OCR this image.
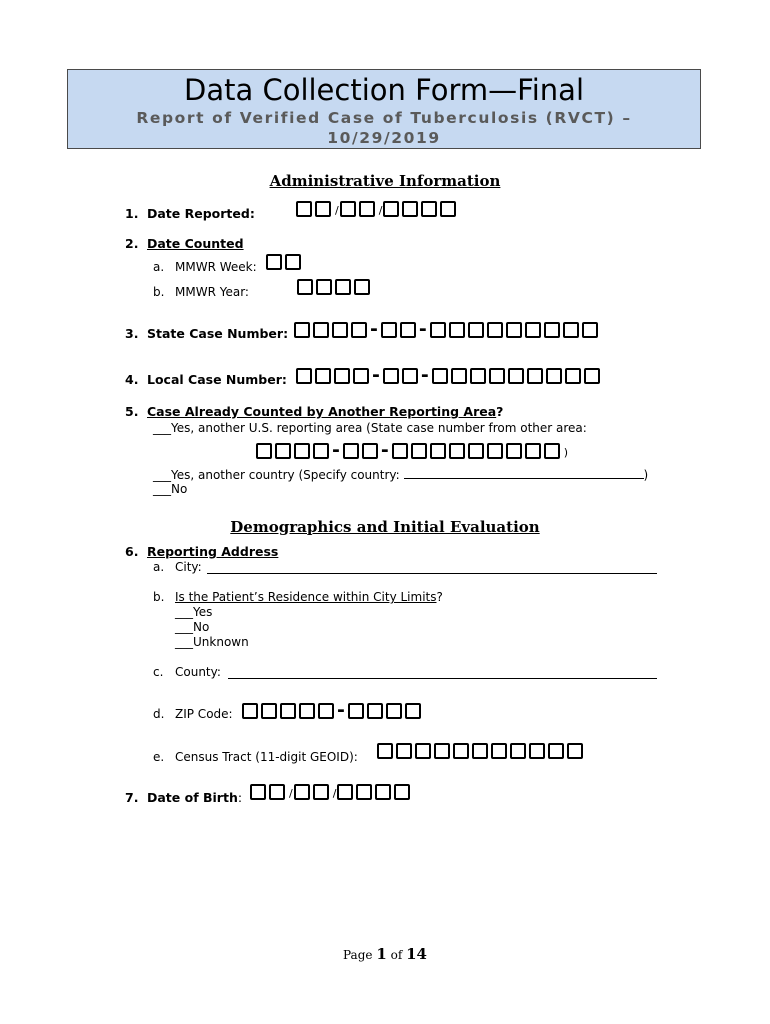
Data Collection Form—Final
Report of Verified Case of Tuberculosis (RVCT) – 10/29/2019
Administrative Information
1. Date Reported:	/	/
2. Date Counted
a. MMWR Week:
b. MMWR Year:
3. State Case Number:	- -
4. Local Case Number:	- -
5. Case Already Counted by Another Reporting Area?
___Yes, another U.S. reporting area (State case number from other area:
- -	)
___Yes, another country (Specify country:	)
___No
Demographics and Initial Evaluation
6. Reporting Address
a. City:
b. Is the Patient’s Residence within City Limits?
___Yes
___No
___Unknown
c. County:
d. ZIP Code:	-
e. Census Tract (11-digit GEOID):
7. Date of Birth:	/	/
Page 1 of 14
